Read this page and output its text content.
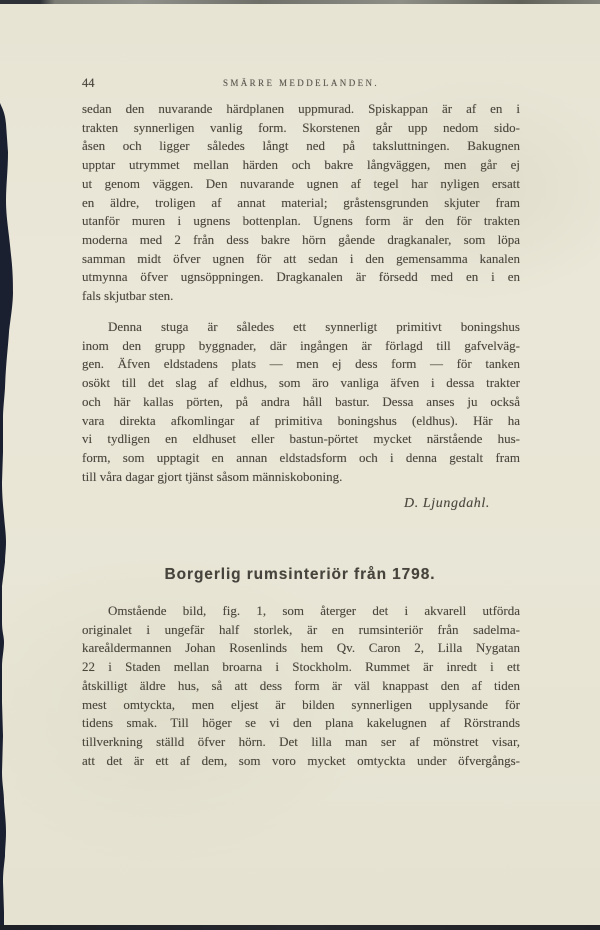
44	SMÄRRE MEDDELANDEN.
sedan den nuvarande härdplanen uppmurad. Spiskappan är af en i
trakten synnerligen vanlig form. Skorstenen går upp nedom sido-
åsen och ligger således långt ned på taksluttningen. Bakugnen
upptar utrymmet mellan härden och bakre långväggen, men går ej
ut genom väggen. Den nuvarande ugnen af tegel har nyligen ersatt
en äldre, troligen af annat material; gråstensgrunden skjuter fram
utanför muren i ugnens bottenplan. Ugnens form är den för trakten
moderna med 2 från dess bakre hörn gående dragkanaler, som löpa
samman midt öfver ugnen för att sedan i den gemensamma kanalen
utmynna öfver ugnsöppningen. Dragkanalen är försedd med en i en
fals skjutbar sten.
Denna stuga är således ett synnerligt primitivt boningshus
inom den grupp byggnader, där ingången är förlagd till gafvelväg-
gen. Äfven eldstadens plats — men ej dess form — för tanken
osökt till det slag af eldhus, som äro vanliga äfven i dessa trakter
och här kallas pörten, på andra håll bastur. Dessa anses ju också
vara direkta afkomlingar af primitiva boningshus (eldhus). Här ha
vi tydligen en eldhuset eller bastun-pörtet mycket närstående hus-
form, som upptagit en annan eldstadsform och i denna gestalt fram
till våra dagar gjort tjänst såsom människoboning.
D. Ljungdahl.
Borgerlig rumsinteriör från 1798.
Omstående bild, fig. 1, som återger det i akvarell utförda
originalet i ungefär half storlek, är en rumsinteriör från sadelma-
kareåldermannen Johan Rosenlinds hem Qv. Caron 2, Lilla Nygatan
22 i Staden mellan broarna i Stockholm. Rummet är inredt i ett
åtskilligt äldre hus, så att dess form är väl knappast den af tiden
mest omtyckta, men eljest är bilden synnerligen upplysande för
tidens smak. Till höger se vi den plana kakelugnen af Rörstrands
tillverkning ställd öfver hörn. Det lilla man ser af mönstret visar,
att det är ett af dem, som voro mycket omtyckta under öfvergångs-
